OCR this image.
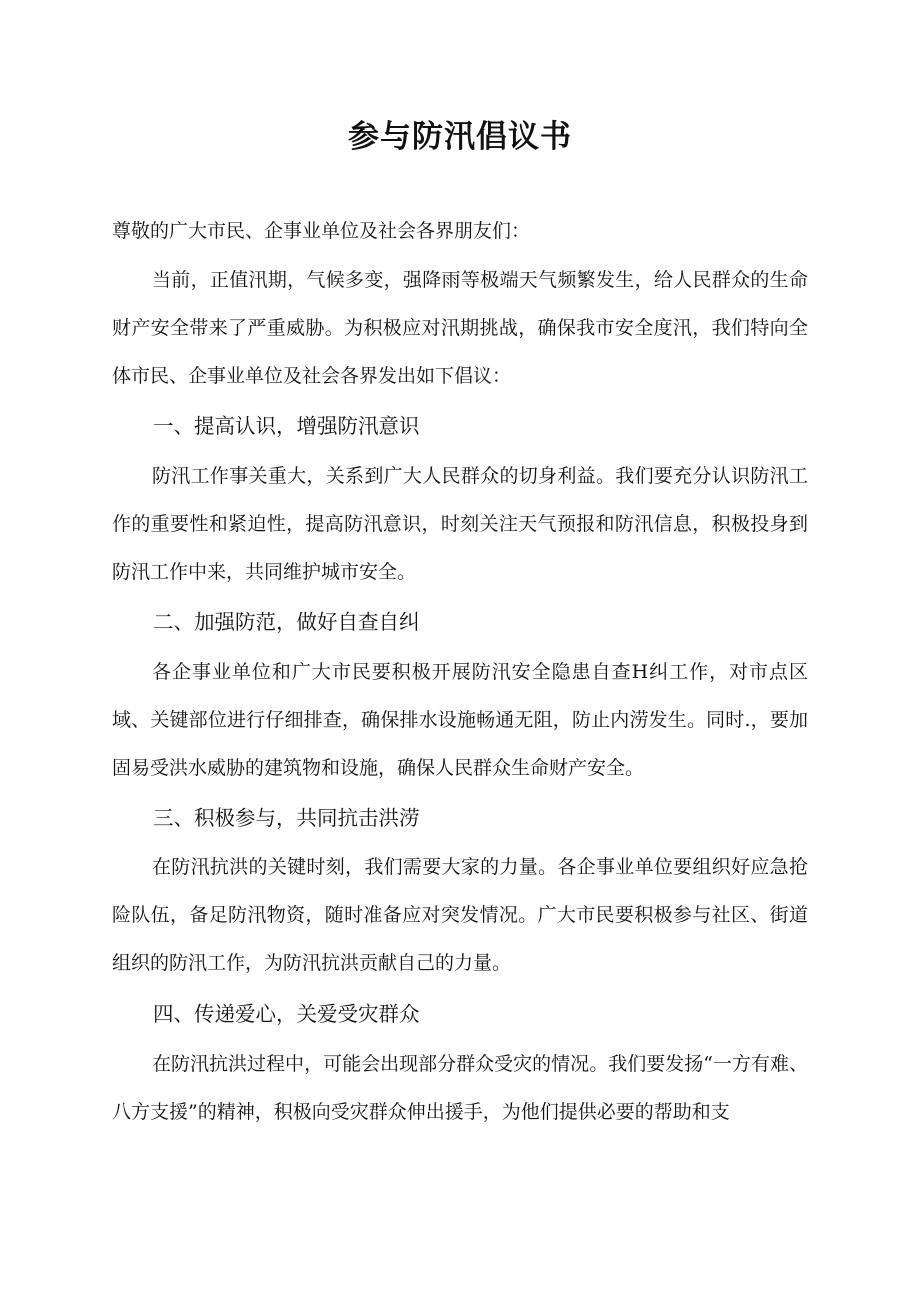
参与防汛倡议书
尊敬的广大市民、企事业单位及社会各界朋友们：

当前，正值汛期，气候多变，强降雨等极端天气频繁发生，给人民群众的生命财产安全带来了严重威胁。为积极应对汛期挑战，确保我市安全度汛，我们特向全体市民、企事业单位及社会各界发出如下倡议：

一、提高认识，增强防汛意识

防汛工作事关重大，关系到广大人民群众的切身利益。我们要充分认识防汛工作的重要性和紧迫性，提高防汛意识，时刻关注天气预报和防汛信息，积极投身到防汛工作中来，共同维护城市安全。

二、加强防范，做好自查自纠

各企事业单位和广大市民要积极开展防汛安全隐患自查H纠工作，对市点区域、关键部位进行仔细排查，确保排水设施畅通无阻，防止内涝发生。同时.，要加固易受洪水威胁的建筑物和设施，确保人民群众生命财产安全。

三、积极参与，共同抗击洪涝

在防汛抗洪的关键时刻，我们需要大家的力量。各企事业单位要组织好应急抢险队伍，备足防汛物资，随时准备应对突发情况。广大市民要积极参与社区、街道组织的防汛工作，为防汛抗洪贡献自己的力量。

四、传递爱心，关爱受灾群众

在防汛抗洪过程中，可能会出现部分群众受灾的情况。我们要发扬“一方有难、八方支援”的精神，积极向受灾群众伸出援手，为他们提供必要的帮助和支
